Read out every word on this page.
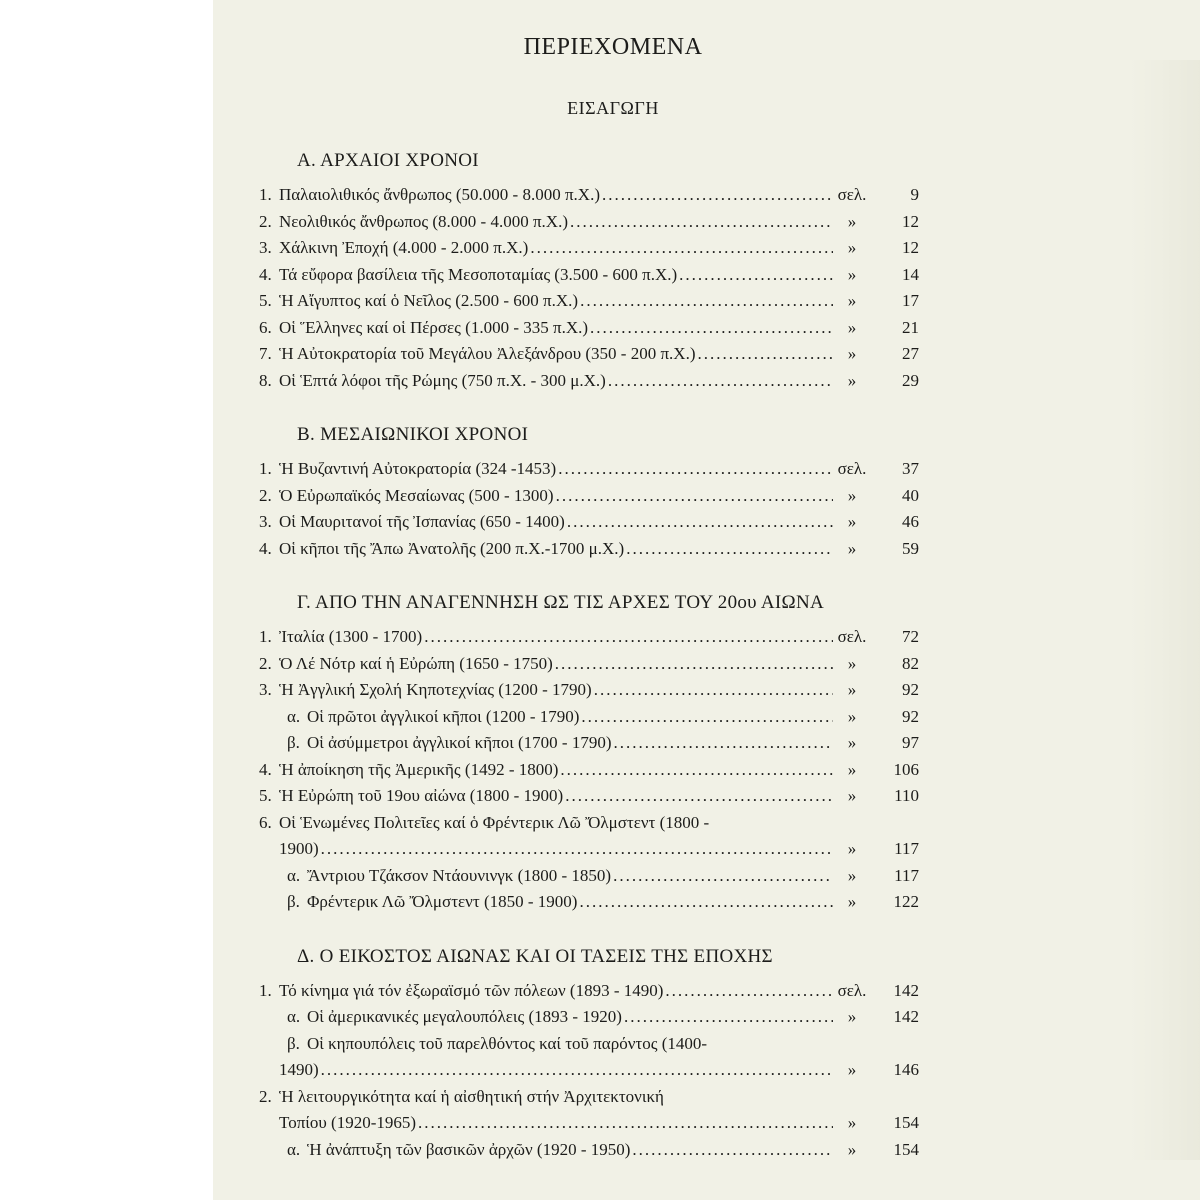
ΠΕΡΙΕΧΟΜΕΝΑ
ΕΙΣΑΓΩΓΗ
Α. ΑΡΧΑΙΟΙ ΧΡΟΝΟΙ
1. Παλαιολιθικός ἄνθρωπος (50.000 - 8.000 π.Χ.) .....	σελ.	9
2. Νεολιθικός ἄνθρωπος (8.000 - 4.000 π.Χ.) .....	»	12
3. Χάλκινη Ἐποχή (4.000 - 2.000 π.Χ.) .....	»	12
4. Τά εὔφορα βασίλεια τῆς Μεσοποταμίας (3.500 - 600 π.Χ.) .....	»	14
5. Ἡ Αἴγυπτος καί ὁ Νεῖλος (2.500 - 600 π.Χ.) .....	»	17
6. Οἱ Ἕλληνες καί οἱ Πέρσες (1.000 - 335 π.Χ.) .....	»	21
7. Ἡ Αὐτοκρατορία τοῦ Μεγάλου Ἀλεξάνδρου (350 - 200 π.Χ.) .....	»	27
8. Οἱ Ἑπτά λόφοι τῆς Ρώμης (750 π.Χ. - 300 μ.Χ.) .....	»	29
Β. ΜΕΣΑΙΩΝΙΚΟΙ ΧΡΟΝΟΙ
1. Ἡ Βυζαντινή Αὐτοκρατορία (324 -1453) .....	σελ.	37
2. Ὁ Εὐρωπαϊκός Μεσαίωνας (500 - 1300) .....	»	40
3. Οἱ Μαυριτανοί τῆς Ἰσπανίας (650 - 1400) .....	»	46
4. Οἱ κῆποι τῆς Ἄπω Ἀνατολῆς (200 π.Χ.-1700 μ.Χ.) .....	»	59
Γ. ΑΠΟ ΤΗΝ ΑΝΑΓΕΝΝΗΣΗ ΩΣ ΤΙΣ ΑΡΧΕΣ ΤΟΥ 20ου ΑΙΩΝΑ
1. Ἰταλία (1300 - 1700) .....	σελ.	72
2. Ὁ Λέ Νότρ καί ἡ Εὐρώπη (1650 - 1750) .....	»	82
3. Ἡ Ἀγγλική Σχολή Κηποτεχνίας (1200 - 1790) .....	»	92
α. Οἱ πρῶτοι ἀγγλικοί κῆποι (1200 - 1790) .....	»	92
β. Οἱ ἀσύμμετροι ἀγγλικοί κῆποι (1700 - 1790) .....	»	97
4. Ἡ ἀποίκηση τῆς Ἀμερικῆς (1492 - 1800) .....	»	106
5. Ἡ Εὐρώπη τοῦ 19ου αἰώνα (1800 - 1900) .....	»	110
6. Οἱ Ἑνωμένες Πολιτεῖες καί ὁ Φρέντερικ Λῶ Ὄλμστεντ (1800 -
1900) .....	»	117
α. Ἄντριου Τζάκσον Ντάουνινγκ (1800 - 1850) .....	»	117
β. Φρέντερικ Λῶ Ὄλμστεντ (1850 - 1900) .....	»	122
Δ. Ο ΕΙΚΟΣΤΟΣ ΑΙΩΝΑΣ ΚΑΙ ΟΙ ΤΑΣΕΙΣ ΤΗΣ ΕΠΟΧΗΣ
1. Τό κίνημα γιά τόν ἐξωραϊσμό τῶν πόλεων (1893 - 1490) .....	σελ.	142
α. Οἱ ἀμερικανικές μεγαλουπόλεις (1893 - 1920) .....	»	142
β. Οἱ κηπουπόλεις τοῦ παρελθόντος καί τοῦ παρόντος (1400-
1490) .....	»	146
2. Ἡ λειτουργικότητα καί ἡ αἰσθητική στήν Ἀρχιτεκτονική
Τοπίου (1920-1965) .....	»	154
α. Ἡ ἀνάπτυξη τῶν βασικῶν ἀρχῶν (1920 - 1950) .....	»	154
